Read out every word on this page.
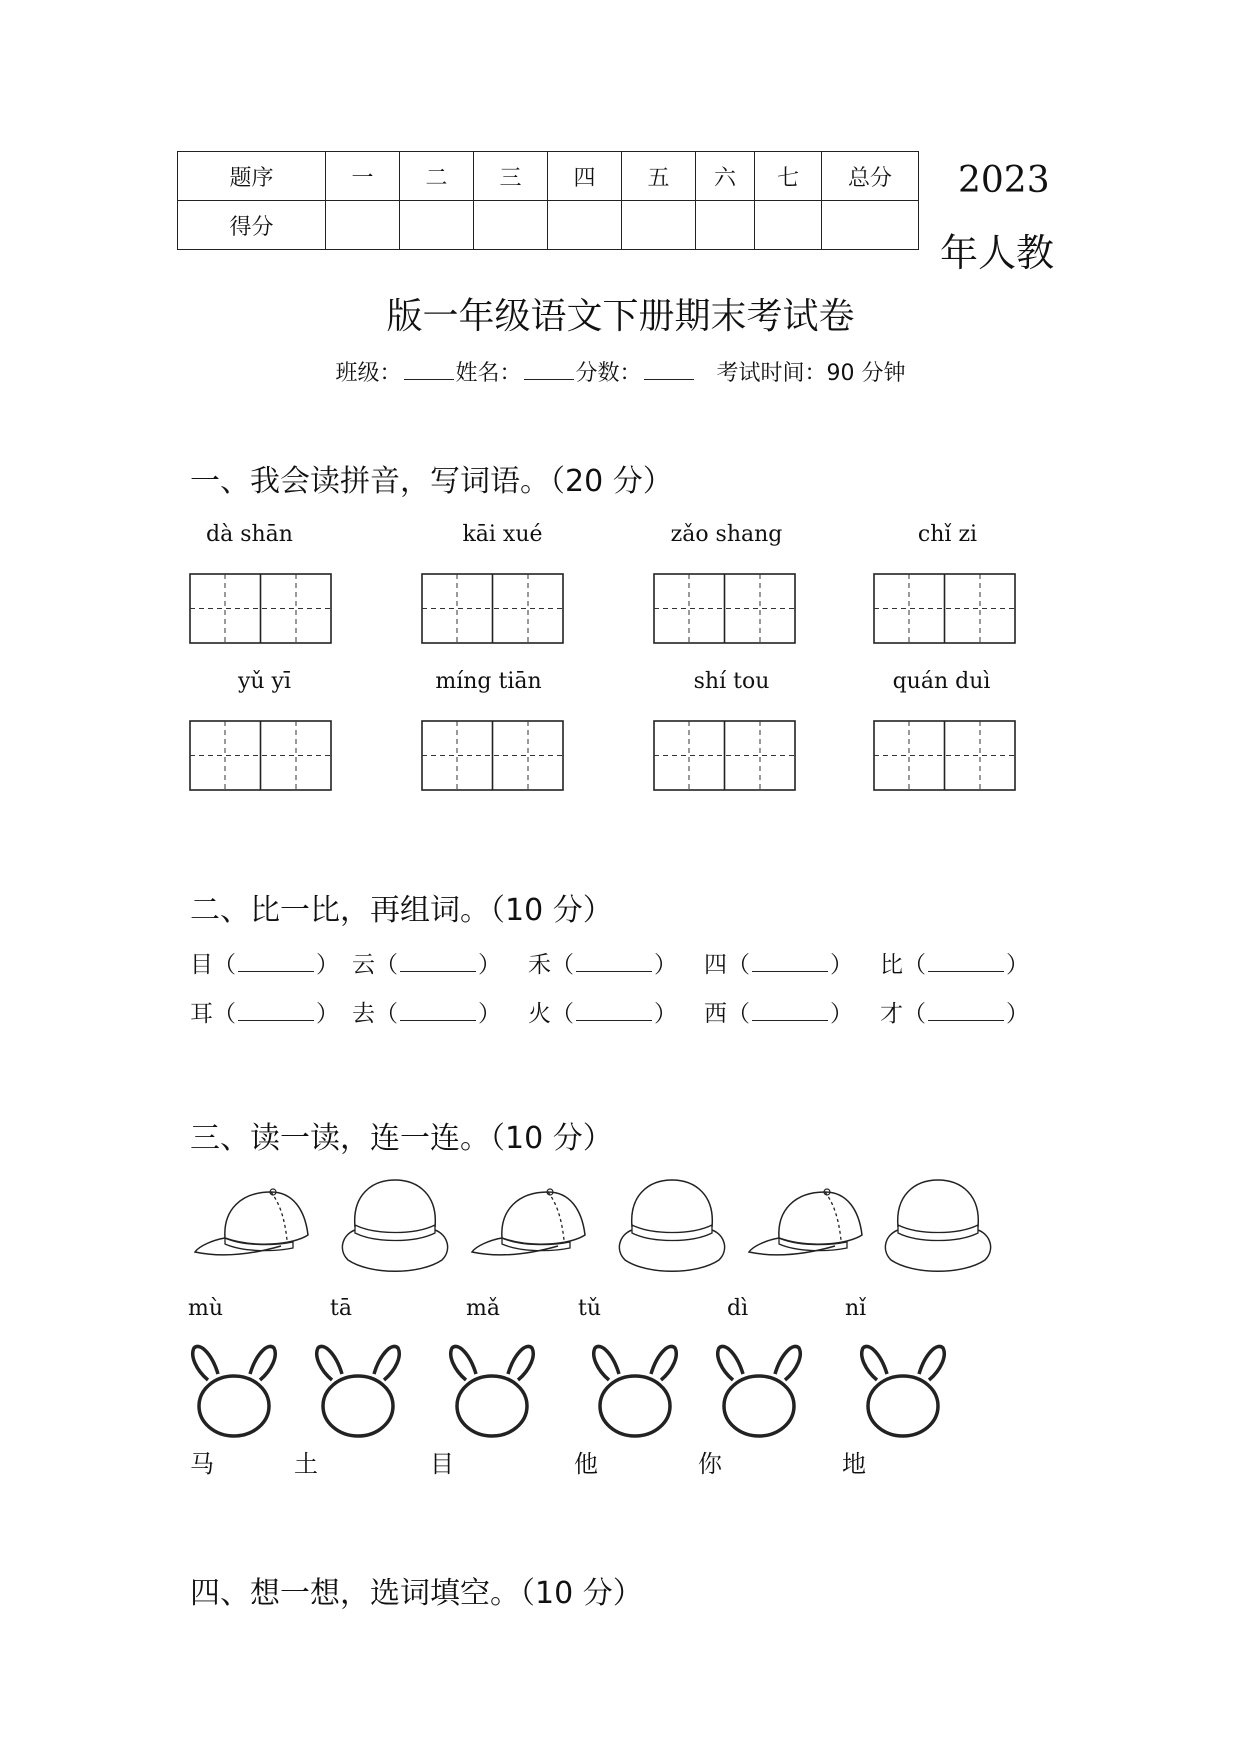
题序	一	二	三	四	五	六	七	总分
得分								
2023
年人教
版一年级语文下册期末考试卷
班级： 姓名： 分数：	考试时间：90 分钟
一、我会读拼音，写词语。（20 分）
dà shān	kāi xué	zǎo shang	chǐ zi
yǔ yī	míng tiān	shí tou	quán duì
二、比一比，再组词。（10 分）
目（	） 云（	） 禾（	） 四（	） 比（	）
耳（	） 去（	） 火（	） 西（	） 才（	）
三、读一读，连一连。（10 分）
mù	tā	mǎ	tǔ	dì	nǐ
马	土	目	他	你	地
四、想一想，选词填空。（10 分）
